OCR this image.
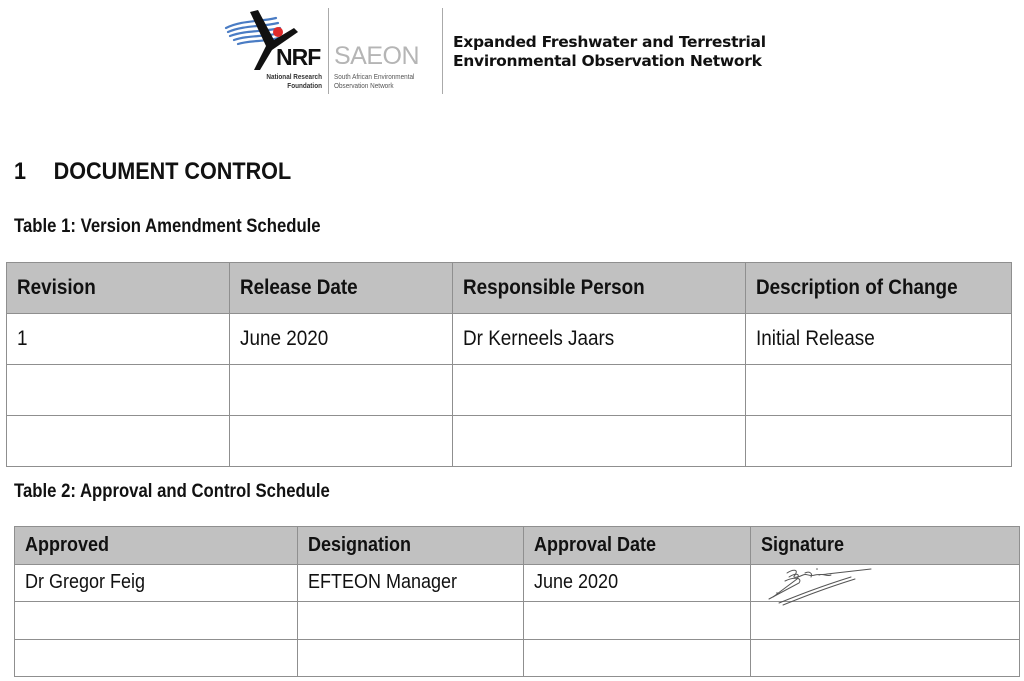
NRF
National Research
Foundation
SAEON
South African Environmental
Observation Network
Expanded Freshwater and Terrestrial
Environmental Observation Network
1 DOCUMENT CONTROL
Table 1: Version Amendment Schedule
Revision	Release Date	Responsible Person	Description of Change
1	June 2020	Dr Kerneels Jaars	Initial Release

Table 2: Approval and Control Schedule
Approved	Designation	Approval Date	Signature
Dr Gregor Feig	EFTEON Manager	June 2020	
